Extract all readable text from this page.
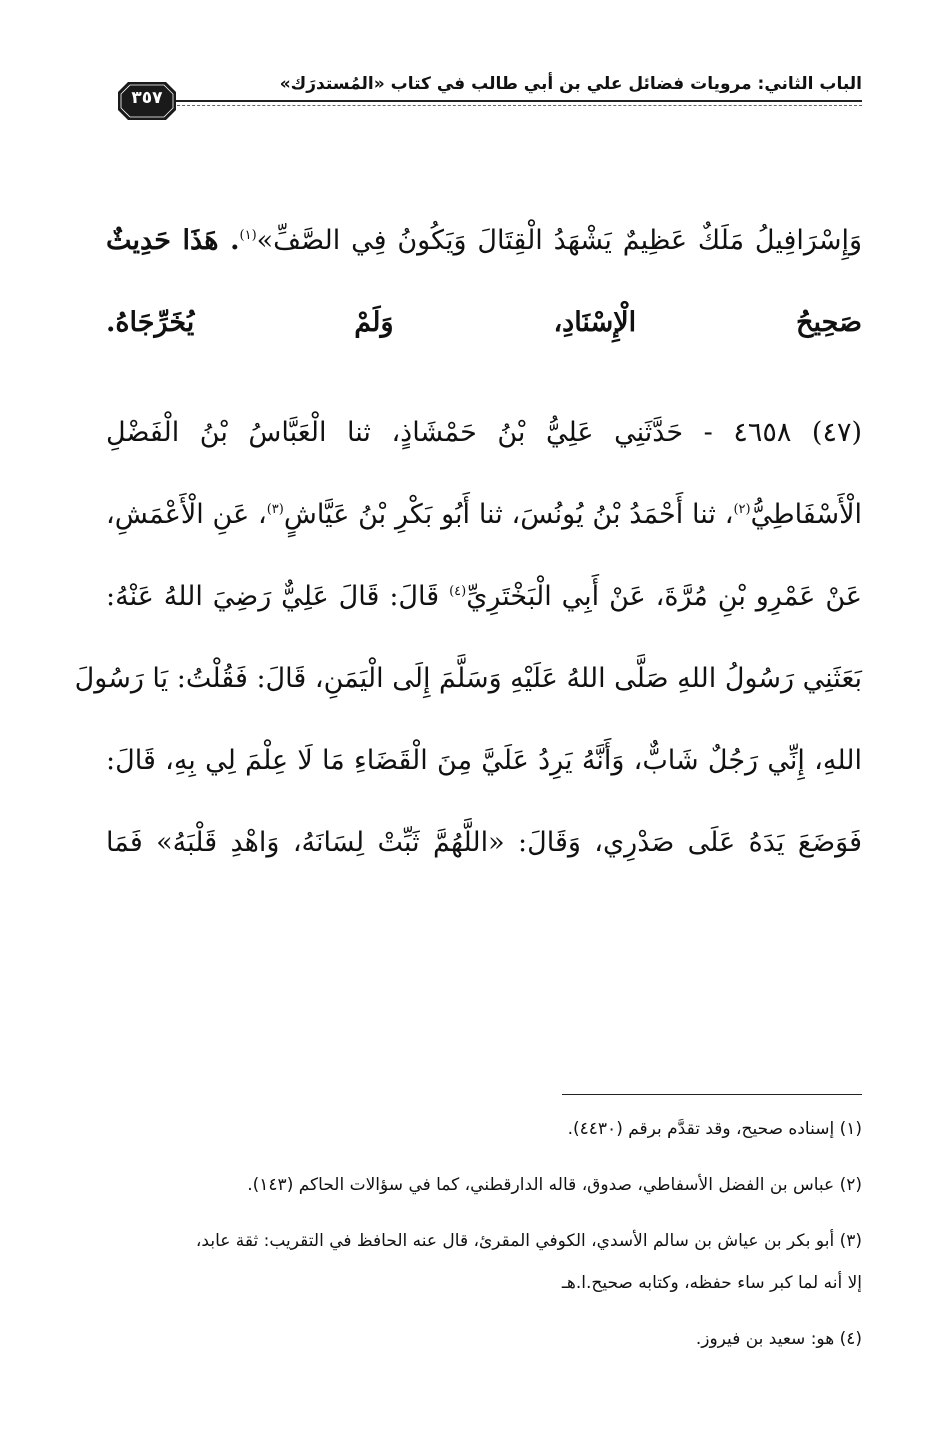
الباب الثاني: مرويات فضائل علي بن أبي طالب في كتاب «المُستدرَك»
٣٥٧
وَإِسْرَافِيلُ مَلَكٌ عَظِيمٌ يَشْهَدُ الْقِتَالَ وَيَكُونُ فِي الصَّفِّ»$^{(١)}$. هَذَا حَدِيثٌ
صَحِيحُ الْإِسْنَادِ، وَلَمْ يُخَرِّجَاهُ.
(٤٧) ٤٦٥٨ - حَدَّثَنِي عَلِيُّ بْنُ حَمْشَاذٍ، ثنا الْعَبَّاسُ بْنُ الْفَضْلِ
الْأَسْفَاطِيُّ$^{(٢)}$، ثنا أَحْمَدُ بْنُ يُونُسَ، ثنا أَبُو بَكْرِ بْنُ عَيَّاشٍ$^{(٣)}$، عَنِ الْأَعْمَشِ،
عَنْ عَمْرِو بْنِ مُرَّةَ، عَنْ أَبِي الْبَخْتَرِيِّ$^{(٤)}$ قَالَ: قَالَ عَلِيٌّ رَضِيَ اللهُ عَنْهُ:
بَعَثَنِي رَسُولُ اللهِ صَلَّى اللهُ عَلَيْهِ وَسَلَّمَ إِلَى الْيَمَنِ، قَالَ: فَقُلْتُ: يَا رَسُولَ
اللهِ، إِنِّي رَجُلٌ شَابٌّ، وَأَنَّهُ يَرِدُ عَلَيَّ مِنَ الْقَضَاءِ مَا لَا عِلْمَ لِي بِهِ، قَالَ:
فَوَضَعَ يَدَهُ عَلَى صَدْرِي، وَقَالَ: «اللَّهُمَّ ثَبِّتْ لِسَانَهُ، وَاهْدِ قَلْبَهُ» فَمَا
(١) إسناده صحيح، وقد تقدَّم برقم (٤٤٣٠).
(٢) عباس بن الفضل الأسفاطي، صدوق، قاله الدارقطني، كما في سؤالات الحاكم (١٤٣).
(٣) أبو بكر بن عياش بن سالم الأسدي، الكوفي المقرئ، قال عنه الحافظ في التقريب: ثقة عابد،
إلا أنه لما كبر ساء حفظه، وكتابه صحيح.ا.هـ
(٤) هو: سعيد بن فيروز.
